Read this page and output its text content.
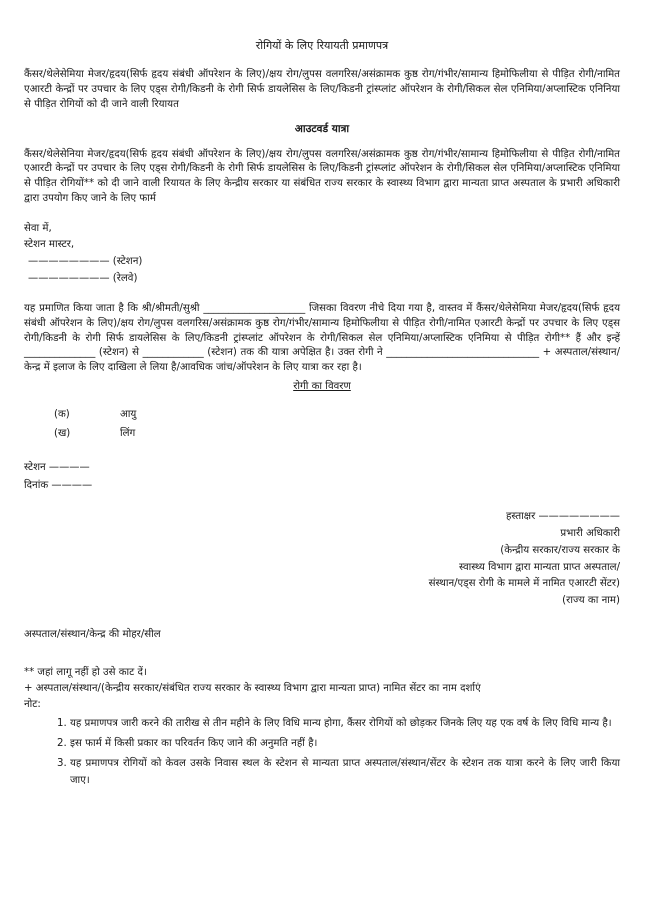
रोगियों के लिए रियायती प्रमाणपत्र

कैंसर/थेलेसेमिया मेजर/हृदय(सिर्फ हृदय संबंधी ऑपरेशन के लिए)/क्षय रोग/लुपस वलगरिस/असंक्रामक कुष्ठ रोग/गंभीर/सामान्य हिमोफिलीया से पीड़ित रोगी/नामित एआरटी केन्द्रों पर उपचार के लिए एड्स रोगी/किडनी के रोगी सिर्फ डायलेसिस के लिए/किडनी ट्रांस्प्लांट ऑपरेशन के रोगी/सिकल सेल एनिमिया/अप्लास्टिक एनिनिया से पीड़ित रोगियों को दी जाने वाली रियायत

आउटवर्ड यात्रा

कैंसर/थेलेसेनिया मेजर/हृदय(सिर्फ हृदय संबंधी ऑपरेशन के लिए)/क्षय रोग/लुपस वलगरिस/असंक्रामक कुष्ठ रोग/गंभीर/सामान्य हिमोफिलीया से पीड़ित रोगी/नामित एआरटी केन्द्रों पर उपचार के लिए एड्स रोगी/किडनी के रोगी सिर्फ डायलेसिस के लिए/किडनी ट्रांस्प्लांट ऑपरेशन के रोगी/सिकल सेल एनिमिया/अप्लास्टिक एनिमिया से पीड़ित रोगियों** को दी जाने वाली रियायत के लिए केन्द्रीय सरकार या संबंधित राज्य सरकार के स्वास्थ्य विभाग द्वारा मान्यता प्राप्त अस्पताल के प्रभारी अधिकारी द्वारा उपयोग किए जाने के लिए फार्म

सेवा में,
स्टेशन मास्टर,
———————— (स्टेशन)
———————— (रेलवे)

यह प्रमाणित किया जाता है कि श्री/श्रीमती/सुश्री ____________________ जिसका विवरण नीचे दिया गया है, वास्तव में कैंसर/थेलेसेमिया मेजर/हृदय(सिर्फ हृदय संबंधी ऑपरेशन के लिए)/क्षय रोग/लुपस वलगरिस/असंक्रामक कुष्ठ रोग/गंभीर/सामान्य हिमोफिलीया से पीड़ित रोगी/नामित एआरटी केन्द्रों पर उपचार के लिए एड्स रोगी/किडनी के रोगी सिर्फ डायलेसिस के लिए/किडनी ट्रांस्प्लांट ऑपरेशन के रोगी/सिकल सेल एनिमिया/अप्लास्टिक एनिमिया से पीड़ित रोगी** हैं और इन्हें ______________ (स्टेशन) से ____________ (स्टेशन) तक की यात्रा अपेक्षित है। उक्त रोगी ने ______________________________ + अस्पताल/संस्थान/केन्द्र में इलाज के लिए दाखिला ले लिया है/आवधिक जांच/ऑपरेशन के लिए यात्रा कर रहा है।

रोगी का विवरण
(क)	आयु
(ख)	लिंग
स्टेशन ————
दिनांक ————
हस्ताक्षर ————————
प्रभारी अधिकारी
(केन्द्रीय सरकार/राज्य सरकार के
स्वास्थ्य विभाग द्वारा मान्यता प्राप्त अस्पताल/
संस्थान/एड्स रोगी के मामले में नामित एआरटी सेंटर)
(राज्य का नाम)
अस्पताल/संस्थान/केन्द्र की मोहर/सील
** जहां लागू नहीं हो उसे काट दें।
+ अस्पताल/संस्थान/(केन्द्रीय सरकार/संबंधित राज्य सरकार के स्वास्थ्य विभाग द्वारा मान्यता प्राप्त) नामित सेंटर का नाम दर्शाएं
नोट:
1. यह प्रमाणपत्र जारी करने की तारीख से तीन महीने के लिए विधि मान्य होगा, कैंसर रोगियों को छोड़कर जिनके लिए यह एक वर्ष के लिए विधि मान्य है।
2. इस फार्म में किसी प्रकार का परिवर्तन किए जाने की अनुमति नहीं है।
3. यह प्रमाणपत्र रोगियों को केवल उसके निवास स्थल के स्टेशन से मान्यता प्राप्त अस्पताल/संस्थान/सेंटर के स्टेशन तक यात्रा करने के लिए जारी किया जाए।
